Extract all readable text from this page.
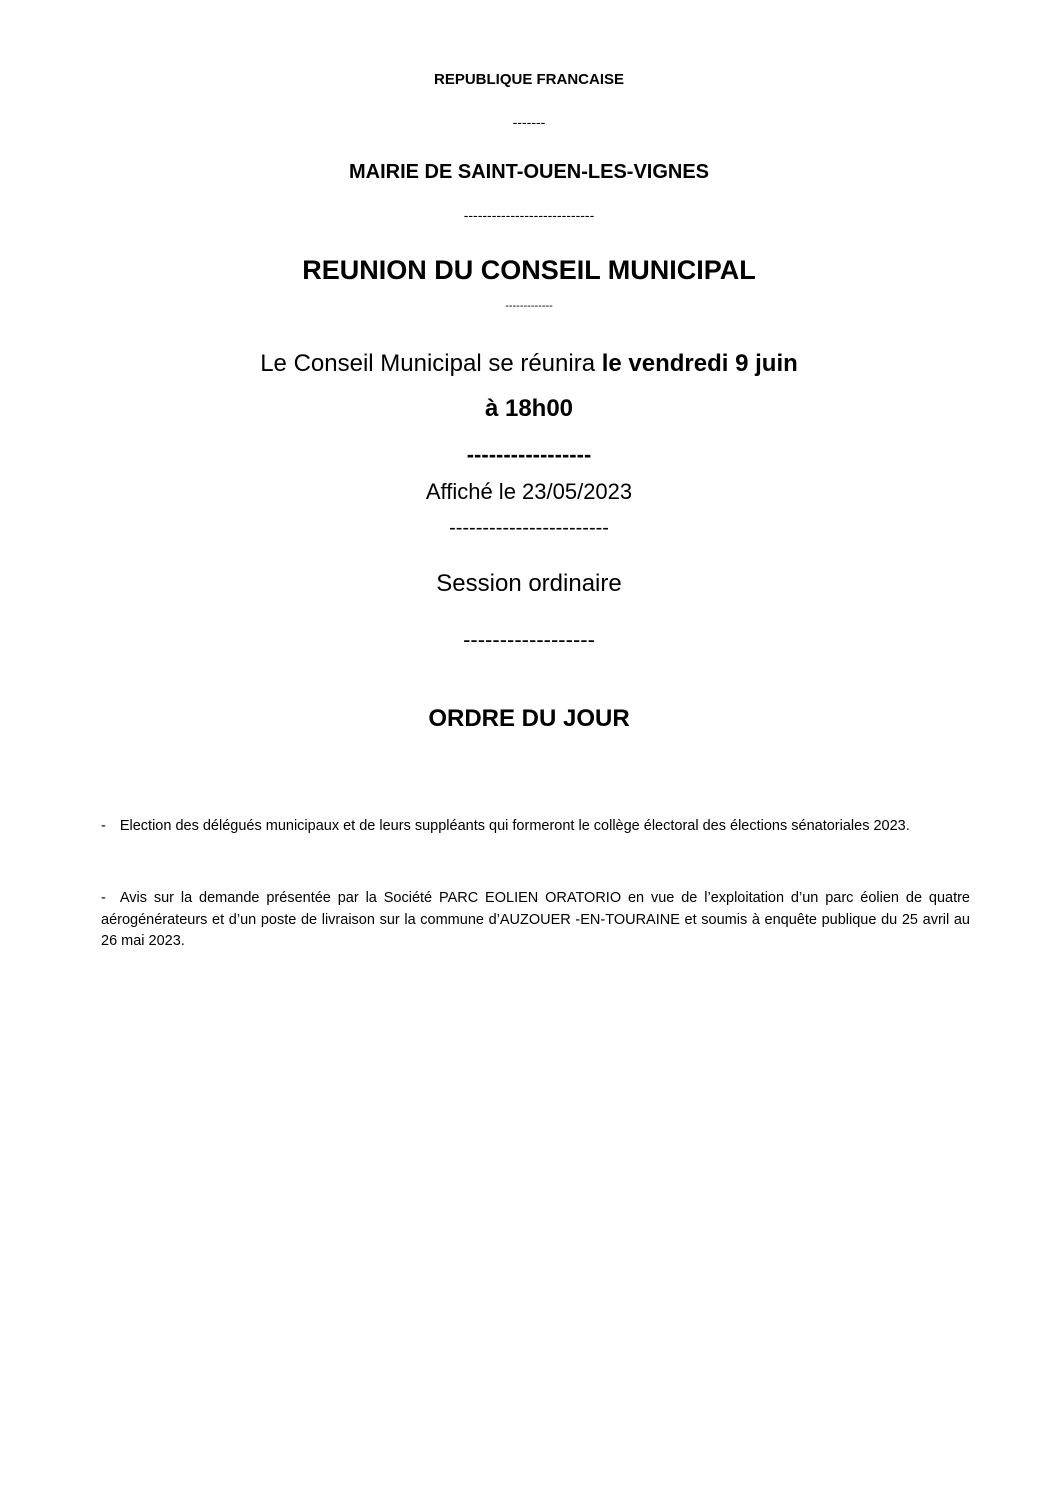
REPUBLIQUE FRANCAISE
-------
MAIRIE DE SAINT-OUEN-LES-VIGNES
----------------------------
REUNION DU CONSEIL MUNICIPAL
-------------
Le Conseil Municipal se réunira le vendredi 9 juin
à 18h00
-----------------
Affiché le 23/05/2023
------------------------
Session ordinaire
------------------
ORDRE DU JOUR
- Election des délégués municipaux et de leurs suppléants qui formeront le collège électoral des élections sénatoriales 2023.
- Avis sur la demande présentée par la Société PARC EOLIEN ORATORIO en vue de l’exploitation d’un parc éolien de quatre aérogénérateurs et d’un poste de livraison sur la commune d’AUZOUER -EN-TOURAINE et soumis à enquête publique du 25 avril au 26 mai 2023.
